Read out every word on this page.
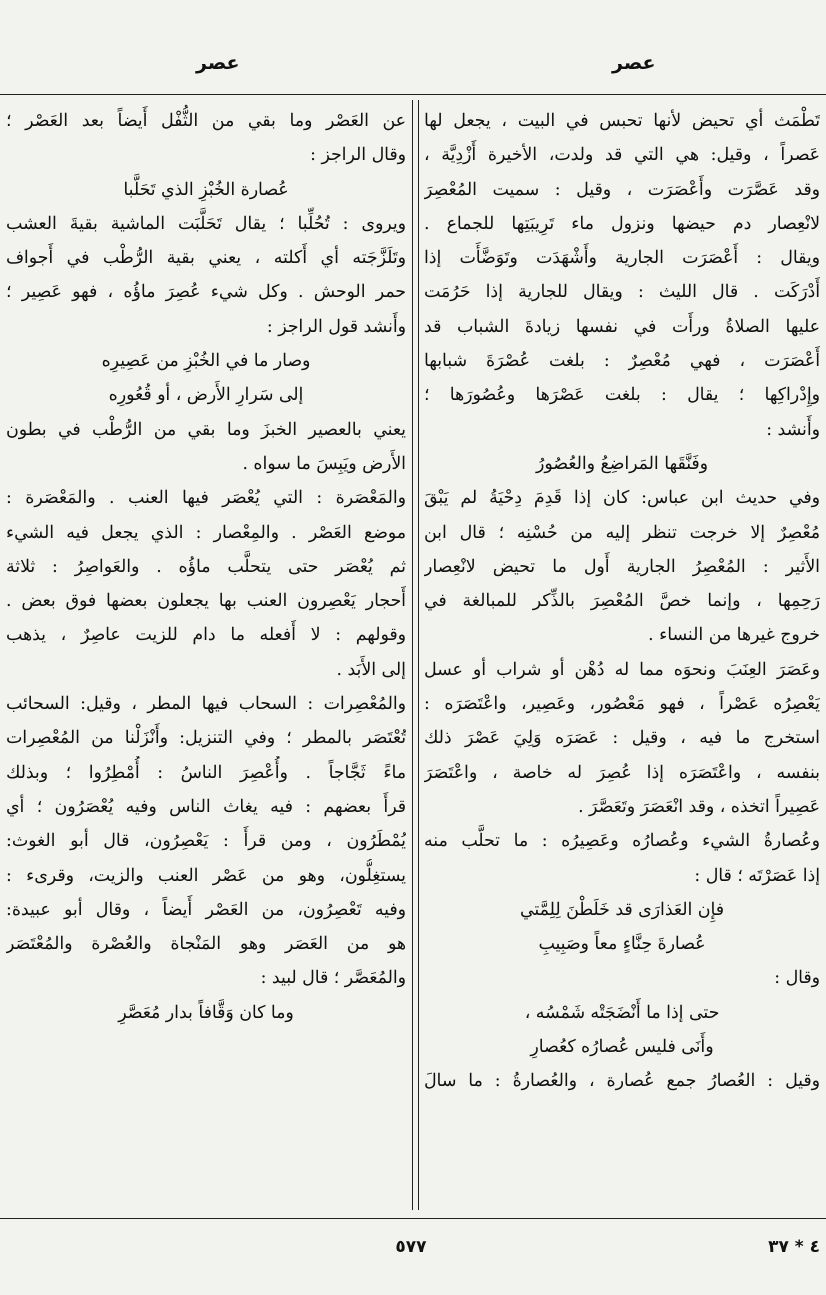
عصر
عصر
تَطْمَث أي تحيض لأنها تحبس في البيت ، يجعل لها
عَصراً ، وقيل: هي التي قد ولدت، الأخيرة أَزْدِيَّة ،
وقد عَصَّرَت وأَعْصَرَت ، وقيل : سميت المُعْصِرَ
لانْعِصار دم حيضها ونزول ماء تَرِيبَتِها للجماع .
ويقال : أَعْصَرَت الجارية وأَشْهَدَت وتَوَضَّأَت إذا
أَدْرَكَت . قال الليث : ويقال للجارية إذا حَرُمَت
عليها الصلاةُ ورأَت في نفسها زيادةَ الشباب قد
أَعْصَرَت ، فهي مُعْصِرٌ : بلغت عُصْرَةَ شبابها
وإِدْراكِها ؛ يقال : بلغت عَصْرَها وعُصُورَها ؛
وأَنشد :
وفَنَّقَها المَراضِعُ والعُصُورُ
وفي حديث ابن عباس: كان إذا قَدِمَ دِحْيَةُ لم يَبْقَ
مُعْصِرٌ إلا خرجت تنظر إليه من حُسْنِه ؛ قال ابن
الأَثير : المُعْصِرُ الجارية أَول ما تحيض لانْعِصار
رَحِمِها ، وإنما خصَّ المُعْصِرَ بالذِّكر للمبالغة في
خروج غيرها من النساء .
وعَصَرَ العِنَبَ ونحوَه مما له دُهْن أو شراب أو عسل
يَعْصِرُه عَصْراً ، فهو مَعْصُور، وعَصِير، واعْتَصَرَه :
استخرج ما فيه ، وقيل : عَصَرَه وَلِيَ عَصْرَ ذلك
بنفسه ، واعْتَصَرَه إذا عُصِرَ له خاصة ، واعْتَصَرَ
عَصِيراً اتخذه ، وقد انْعَصَرَ وتَعَصَّرَ .
وعُصارةُ الشيء وعُصارُه وعَصِيرُه : ما تحلَّب منه
إذا عَصَرْتَه ؛ قال :
فإِن العَذارَى قد خَلَطْنَ لِلِمَّتي
عُصارةَ حِنَّاءٍ معاً وصَبِيبِ
وقال :
حتى إذا ما أَنْضَجَتْه شَمْسُه ،
وأَنَى فليس عُصارُه كعُصارِ
وقيل : العُصارُ جمع عُصارة ، والعُصارةُ : ما سالَ
عن العَصْر وما بقي من الثُّفْل أَيضاً بعد العَصْر ؛
وقال الراجز :
عُصارة الخُبْزِ الذي تَحَلَّبا
ويروى : تُحُلِّبا ؛ يقال تَحَلَّبَت الماشية بقيةَ العشب
وتَلَزَّجَته أي أَكلته ، يعني بقية الرُّطْب في أَجواف
حمر الوحش . وكل شيء عُصِرَ ماؤُه ، فهو عَصِير ؛
وأَنشد قول الراجز :
وصار ما في الخُبْزِ من عَصِيرِه
إلى سَرارِ الأَرض ، أو قُعُورِه
يعني بالعصير الخبزَ وما بقي من الرُّطْب في بطون
الأَرض ويَبِسَ ما سواه .
والمَعْصَرة : التي يُعْصَر فيها العنب . والمَعْصَرة :
موضع العَصْر . والمِعْصار : الذي يجعل فيه الشيء
ثم يُعْصَر حتى يتحلَّب ماؤُه . والعَواصِرُ : ثلاثة
أَحجار يَعْصِرون العنب بها يجعلون بعضها فوق بعض .
وقولهم : لا أَفعله ما دام للزيت عاصِرٌ ، يذهب
إلى الأَبَد .
والمُعْصِرات : السحاب فيها المطر ، وقيل: السحائب
تُعْتَصَر بالمطر ؛ وفي التنزيل: وأَنْزَلْنا من المُعْصِرات
ماءً ثَجَّاجاً . وأُعْصِرَ الناسُ : أُمْطِرُوا ؛ وبذلك
قرأَ بعضهم : فيه يغاث الناس وفيه يُعْصَرُون ؛ أي
يُمْطَرُون ، ومن قرأَ : يَعْصِرُون، قال أبو الغوث:
يستغِلُّون، وهو من عَصْر العنب والزيت، وقرىء :
وفيه تَعْصِرُون، من العَصْر أَيضاً ، وقال أبو عبيدة:
هو من العَصَر وهو المَنْجاة والعُصْرة والمُعْتَصَر
والمُعَصَّر ؛ قال لبيد :
وما كان وَقَّافاً بدار مُعَصَّرِ
٥٧٧	٤ * ٣٧
